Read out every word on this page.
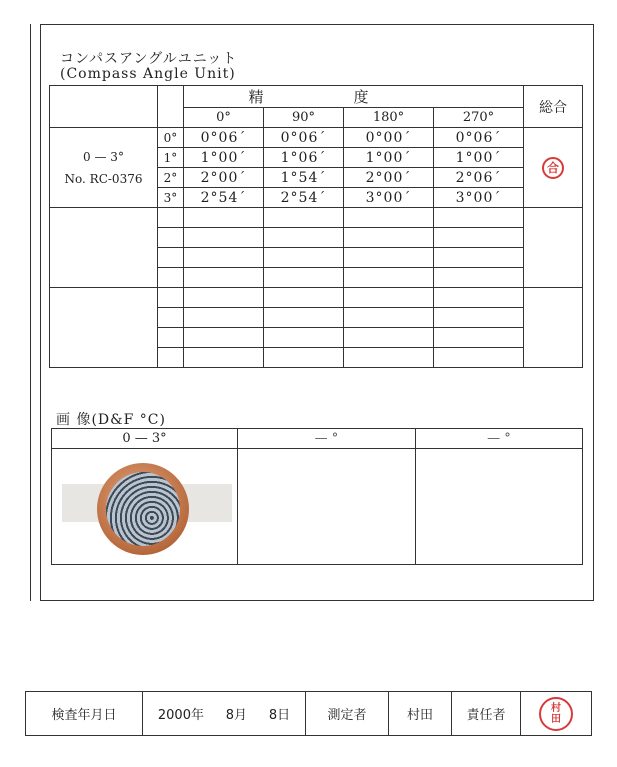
コンパスアングルユニット
(Compass Angle Unit)
		精度				総合
		0°	90°	180°	270°	

0 — 3°
No. RC-0376	0°	0°06´	0°06´	0°00´	0°06´	合
	1°	1°00´	1°06´	1°00´	1°00´	
	2°	2°00´	1°54´	2°00´	2°06´	
	3°	2°54´	2°54´	3°00´	3°00´	

画 像(D&F °C)
0 — 3°	— °	— °

検査年月日	2000年 8月 8日	測定者	村田	責任者	村
田
